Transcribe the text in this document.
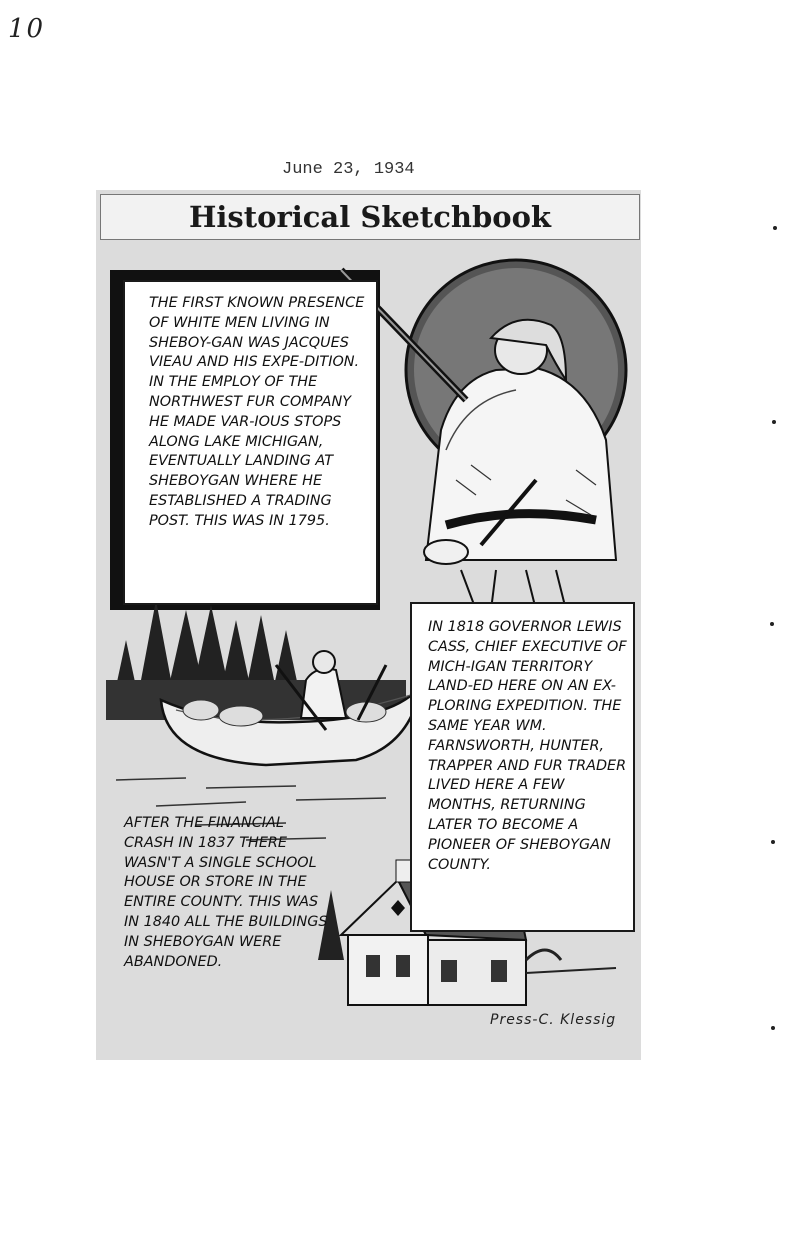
10
June 23, 1934
Historical Sketchbook
THE FIRST KNOWN PRESENCE OF WHITE MEN LIVING IN SHEBOY-GAN WAS JACQUES VIEAU AND HIS EXPE-DITION. IN THE EMPLOY OF THE NORTHWEST FUR COMPANY HE MADE VAR-IOUS STOPS ALONG LAKE MICHIGAN, EVENTUALLY LANDING AT SHEBOYGAN WHERE HE ESTABLISHED A TRADING POST. THIS WAS IN 1795.
IN 1818 GOVERNOR LEWIS CASS, CHIEF EXECUTIVE OF MICH-IGAN TERRITORY LAND-ED HERE ON AN EX-PLORING EXPEDITION. THE SAME YEAR WM. FARNSWORTH, HUNTER, TRAPPER AND FUR TRADER LIVED HERE A FEW MONTHS, RETURNING LATER TO BECOME A PIONEER OF SHEBOYGAN COUNTY.
AFTER THE FINANCIAL CRASH IN 1837 THERE WASN'T A SINGLE SCHOOL HOUSE OR STORE IN THE ENTIRE COUNTY. THIS WAS IN 1840 ALL THE BUILDINGS IN SHEBOYGAN WERE ABANDONED.
Press-C. Klessig
